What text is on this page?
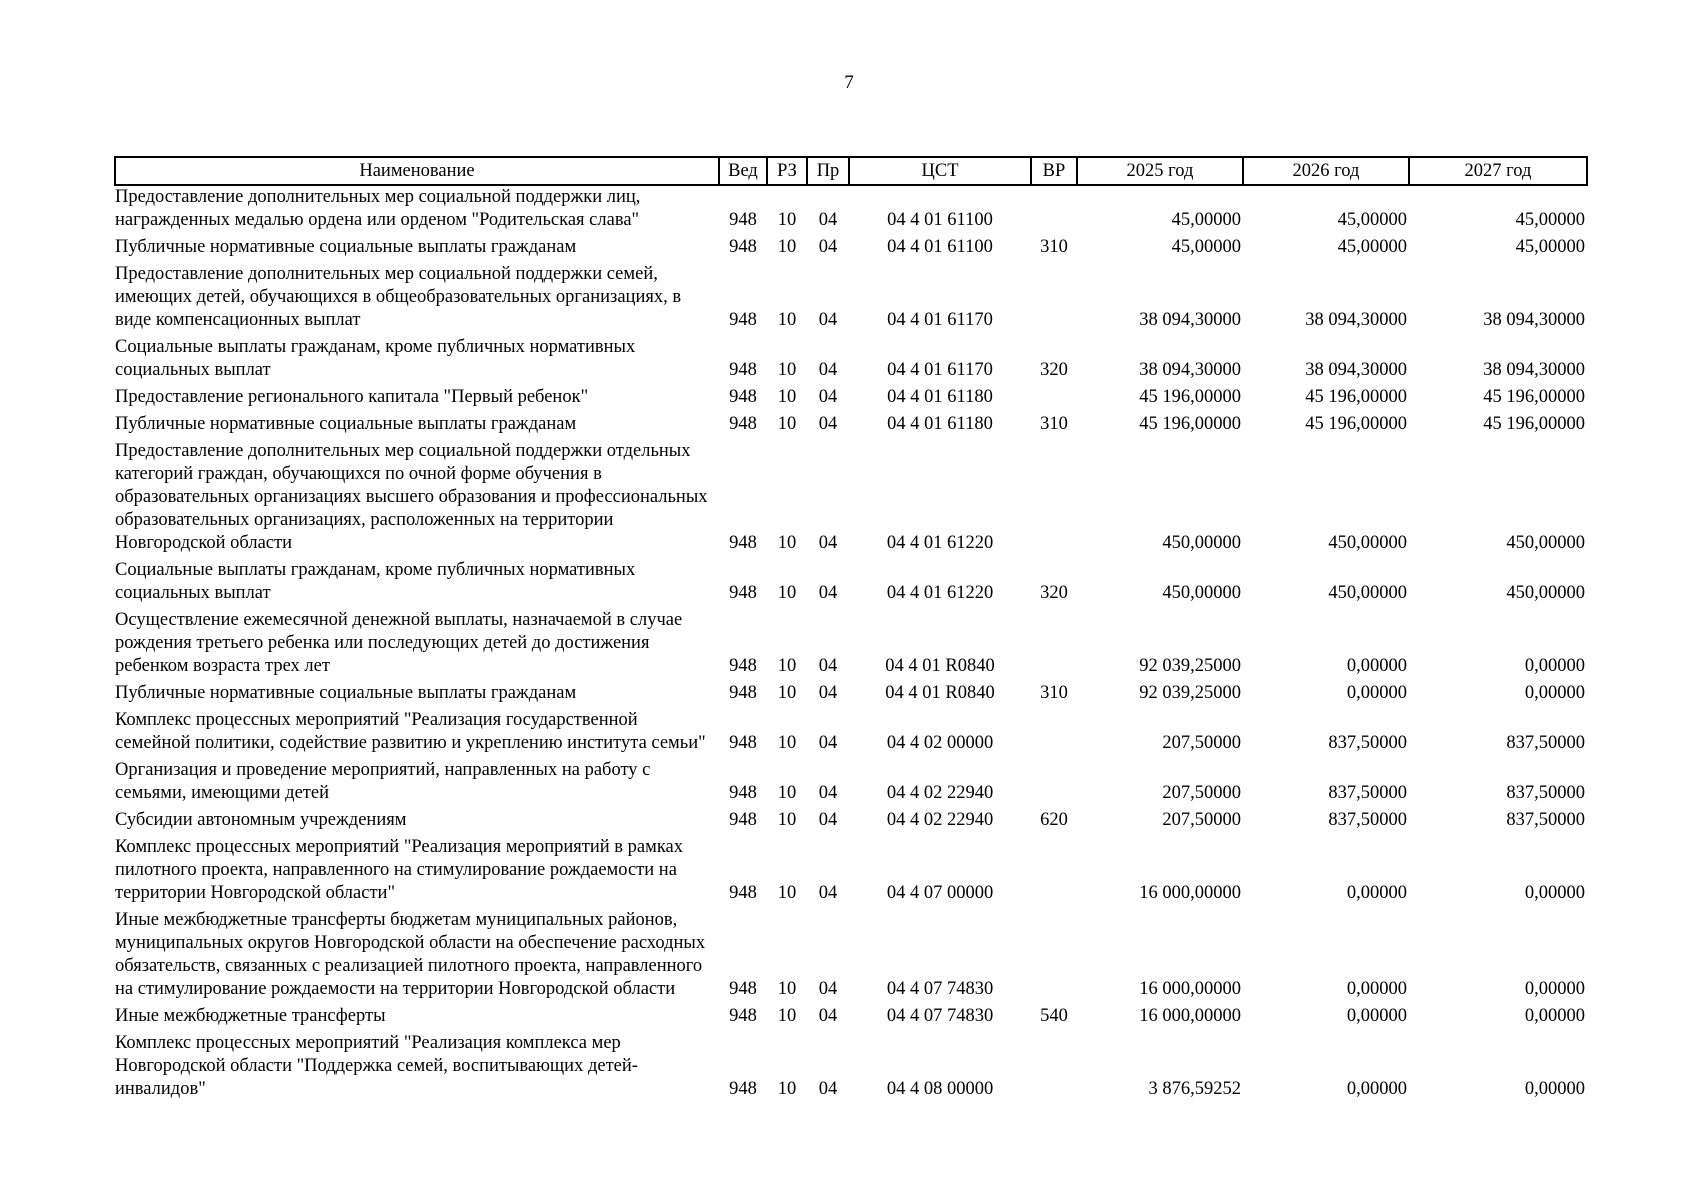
7
Наименование	Вед	РЗ	Пр	ЦСТ	ВР	2025 год	2026 год	2027 год
Предоставление дополнительных мер социальной поддержки лиц, награжденных медалью ордена или орденом "Родительская слава"	948	10	04	04 4 01 61100		45,00000	45,00000	45,00000
Публичные нормативные социальные выплаты гражданам	948	10	04	04 4 01 61100	310	45,00000	45,00000	45,00000
Предоставление дополнительных мер социальной поддержки семей, имеющих детей, обучающихся в общеобразовательных организациях, в виде компенсационных выплат	948	10	04	04 4 01 61170		38 094,30000	38 094,30000	38 094,30000
Социальные выплаты гражданам, кроме публичных нормативных социальных выплат	948	10	04	04 4 01 61170	320	38 094,30000	38 094,30000	38 094,30000
Предоставление регионального капитала "Первый ребенок"	948	10	04	04 4 01 61180		45 196,00000	45 196,00000	45 196,00000
Публичные нормативные социальные выплаты гражданам	948	10	04	04 4 01 61180	310	45 196,00000	45 196,00000	45 196,00000
Предоставление дополнительных мер социальной поддержки отдельных категорий граждан, обучающихся по очной форме обучения в образовательных организациях высшего образования и профессиональных образовательных организациях, расположенных на территории Новгородской области	948	10	04	04 4 01 61220		450,00000	450,00000	450,00000
Социальные выплаты гражданам, кроме публичных нормативных социальных выплат	948	10	04	04 4 01 61220	320	450,00000	450,00000	450,00000
Осуществление ежемесячной денежной выплаты, назначаемой в случае рождения третьего ребенка или последующих детей до достижения ребенком возраста трех лет	948	10	04	04 4 01 R0840		92 039,25000	0,00000	0,00000
Публичные нормативные социальные выплаты гражданам	948	10	04	04 4 01 R0840	310	92 039,25000	0,00000	0,00000
Комплекс процессных мероприятий "Реализация государственной семейной политики, содействие развитию и укреплению института семьи"	948	10	04	04 4 02 00000		207,50000	837,50000	837,50000
Организация и проведение мероприятий, направленных на работу с семьями, имеющими детей	948	10	04	04 4 02 22940		207,50000	837,50000	837,50000
Субсидии автономным учреждениям	948	10	04	04 4 02 22940	620	207,50000	837,50000	837,50000
Комплекс процессных мероприятий "Реализация мероприятий в рамках пилотного проекта, направленного на стимулирование рождаемости на территории Новгородской области"	948	10	04	04 4 07 00000		16 000,00000	0,00000	0,00000
Иные межбюджетные трансферты бюджетам муниципальных районов, муниципальных округов Новгородской области на обеспечение расходных обязательств, связанных с реализацией пилотного проекта, направленного на стимулирование рождаемости на территории Новгородской области	948	10	04	04 4 07 74830		16 000,00000	0,00000	0,00000
Иные межбюджетные трансферты	948	10	04	04 4 07 74830	540	16 000,00000	0,00000	0,00000
Комплекс процессных мероприятий "Реализация комплекса мер Новгородской области "Поддержка семей, воспитывающих детей-инвалидов"	948	10	04	04 4 08 00000		3 876,59252	0,00000	0,00000
